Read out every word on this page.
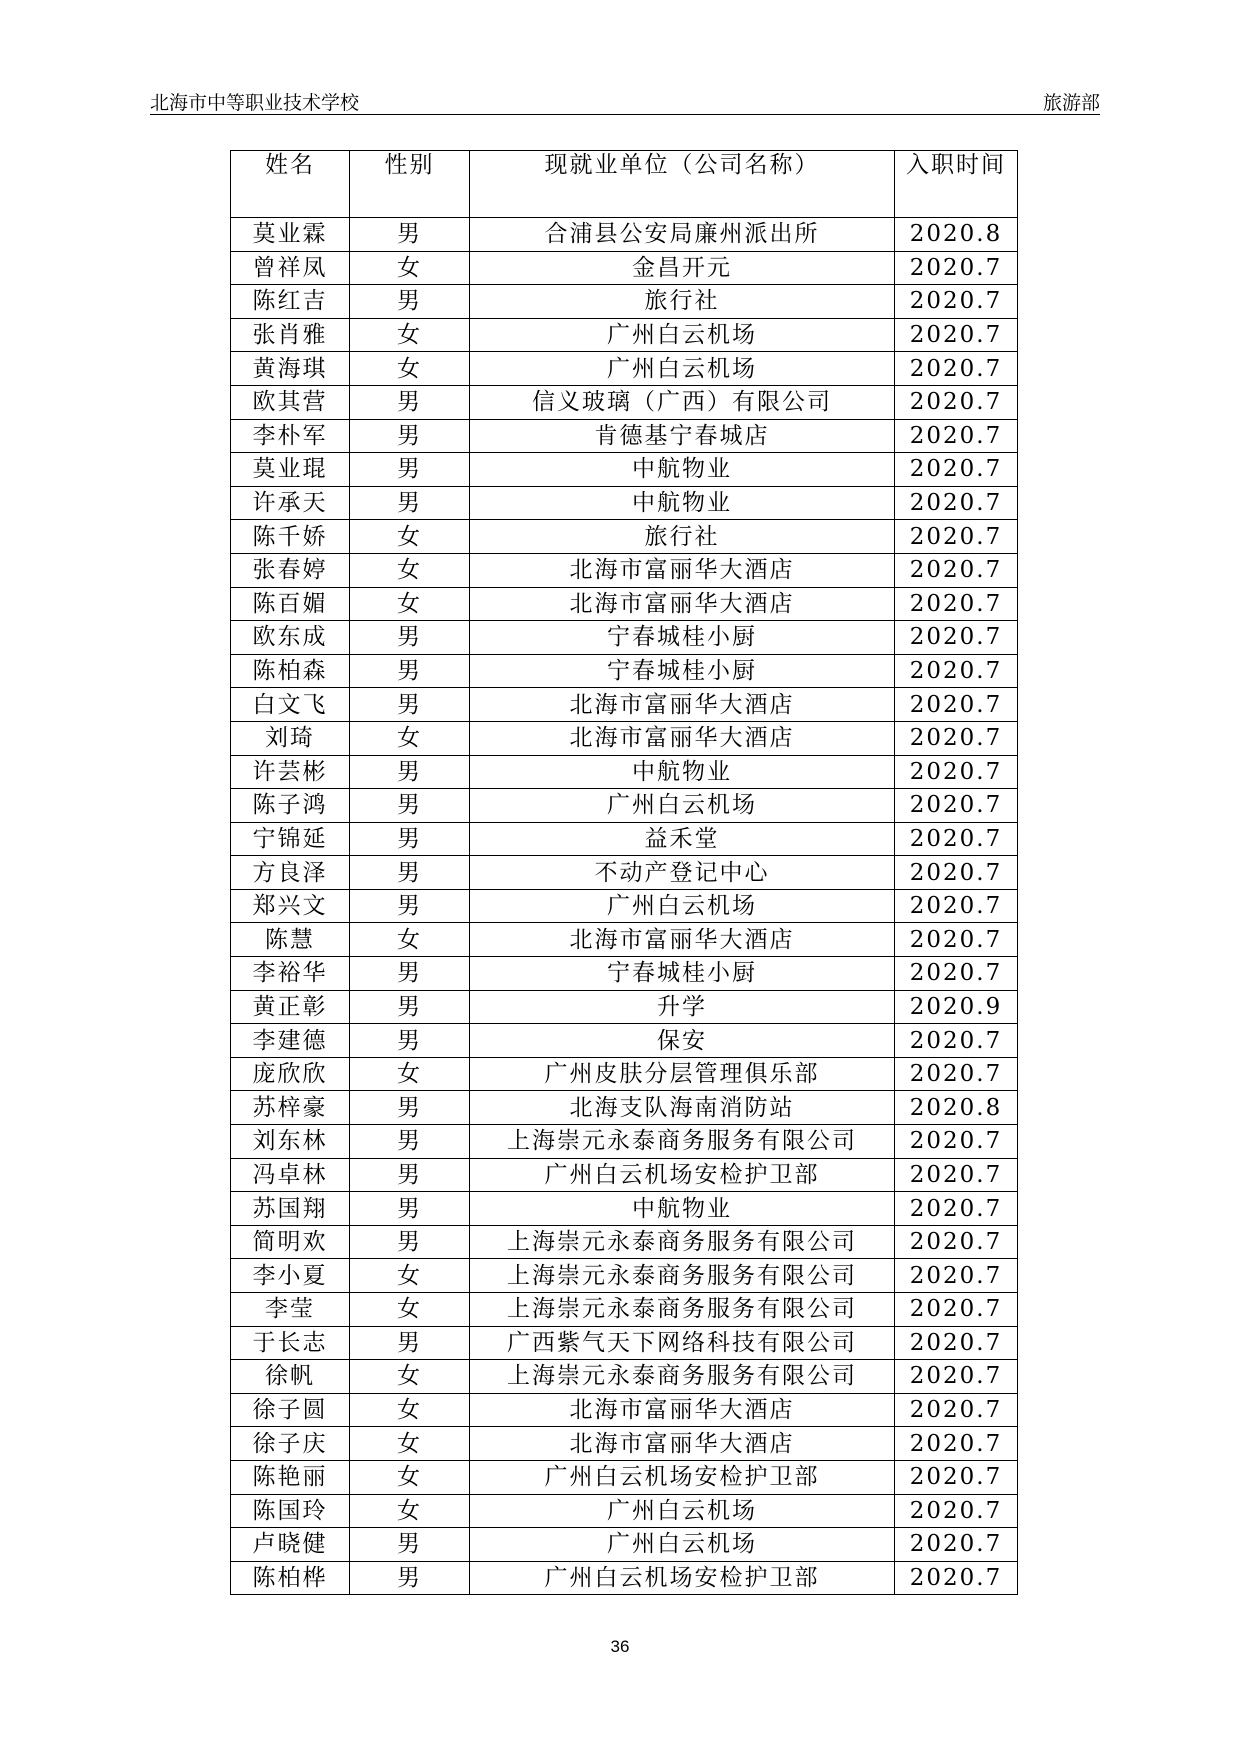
北海市中等职业技术学校	旅游部
姓名	性别	现就业单位（公司名称）	入职时间
莫业霖	男	合浦县公安局廉州派出所	2020.8
曾祥凤	女	金昌开元	2020.7
陈红吉	男	旅行社	2020.7
张肖雅	女	广州白云机场	2020.7
黄海琪	女	广州白云机场	2020.7
欧其营	男	信义玻璃（广西）有限公司	2020.7
李朴军	男	肯德基宁春城店	2020.7
莫业琨	男	中航物业	2020.7
许承天	男	中航物业	2020.7
陈千娇	女	旅行社	2020.7
张春婷	女	北海市富丽华大酒店	2020.7
陈百媚	女	北海市富丽华大酒店	2020.7
欧东成	男	宁春城桂小厨	2020.7
陈柏森	男	宁春城桂小厨	2020.7
白文飞	男	北海市富丽华大酒店	2020.7
刘琦	女	北海市富丽华大酒店	2020.7
许芸彬	男	中航物业	2020.7
陈子鸿	男	广州白云机场	2020.7
宁锦延	男	益禾堂	2020.7
方良泽	男	不动产登记中心	2020.7
郑兴文	男	广州白云机场	2020.7
陈慧	女	北海市富丽华大酒店	2020.7
李裕华	男	宁春城桂小厨	2020.7
黄正彰	男	升学	2020.9
李建德	男	保安	2020.7
庞欣欣	女	广州皮肤分层管理俱乐部	2020.7
苏梓豪	男	北海支队海南消防站	2020.8
刘东林	男	上海崇元永泰商务服务有限公司	2020.7
冯卓林	男	广州白云机场安检护卫部	2020.7
苏国翔	男	中航物业	2020.7
简明欢	男	上海崇元永泰商务服务有限公司	2020.7
李小夏	女	上海崇元永泰商务服务有限公司	2020.7
李莹	女	上海崇元永泰商务服务有限公司	2020.7
于长志	男	广西紫气天下网络科技有限公司	2020.7
徐帆	女	上海崇元永泰商务服务有限公司	2020.7
徐子圆	女	北海市富丽华大酒店	2020.7
徐子庆	女	北海市富丽华大酒店	2020.7
陈艳丽	女	广州白云机场安检护卫部	2020.7
陈国玲	女	广州白云机场	2020.7
卢晓健	男	广州白云机场	2020.7
陈柏桦	男	广州白云机场安检护卫部	2020.7
36
